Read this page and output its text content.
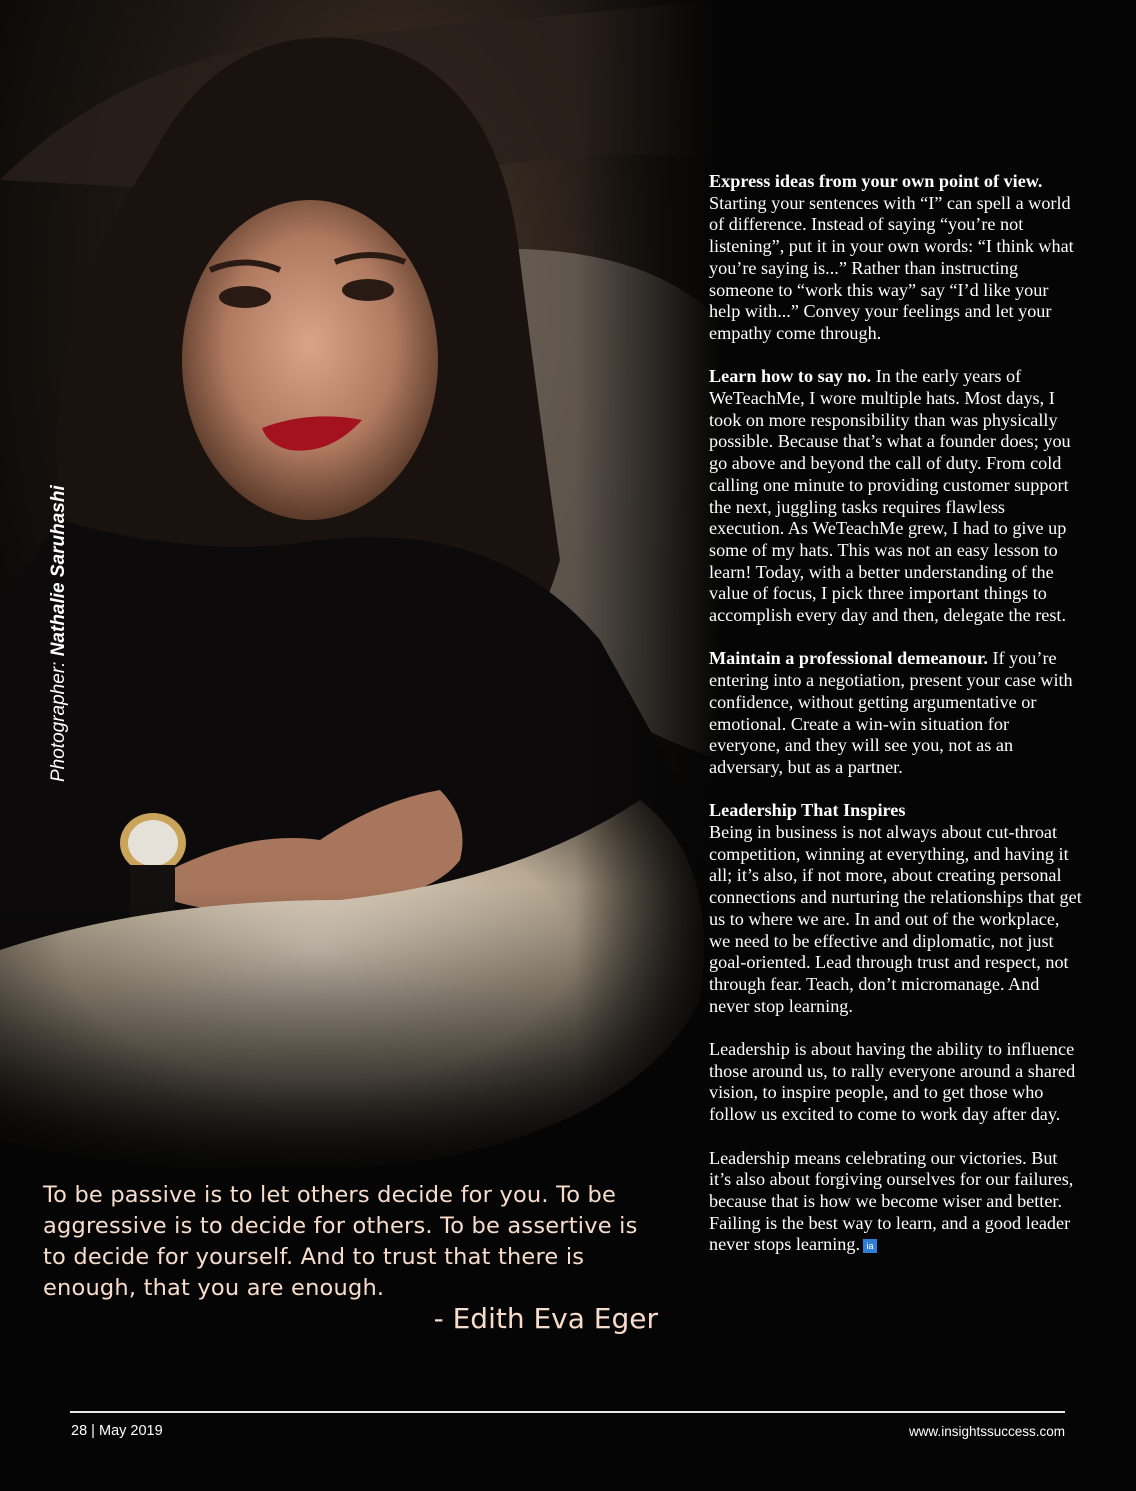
Photographer: Nathalie Saruhashi

Express ideas from your own point of view. Starting your sentences with “I” can spell a world of difference. Instead of saying “you’re not listening”, put it in your own words: “I think what you’re saying is...” Rather than instructing someone to “work this way” say “I’d like your help with...” Convey your feelings and let your empathy come through.

Learn how to say no. In the early years of WeTeachMe, I wore multiple hats. Most days, I took on more responsibility than was physically possible. Because that’s what a founder does; you go above and beyond the call of duty. From cold calling one minute to providing customer support the next, juggling tasks requires flawless execution. As WeTeachMe grew, I had to give up some of my hats. This was not an easy lesson to learn! Today, with a better understanding of the value of focus, I pick three important things to accomplish every day and then, delegate the rest.

Maintain a professional demeanour. If you’re entering into a negotiation, present your case with confidence, without getting argumentative or emotional. Create a win-win situation for everyone, and they will see you, not as an adversary, but as a partner.

Leadership That Inspires
Being in business is not always about cut-throat competition, winning at everything, and having it all; it’s also, if not more, about creating personal connections and nurturing the relationships that get us to where we are. In and out of the workplace, we need to be effective and diplomatic, not just goal-oriented. Lead through trust and respect, not through fear. Teach, don’t micromanage. And never stop learning.

Leadership is about having the ability to influence those around us, to rally everyone around a shared vision, to inspire people, and to get those who follow us excited to come to work day after day.

Leadership means celebrating our victories. But it’s also about forgiving ourselves for our failures, because that is how we become wiser and better. Failing is the best way to learn, and a good leader never stops learning. ia

To be passive is to let others decide for you. To be aggressive is to decide for others. To be assertive is to decide for yourself. And to trust that there is enough, that you are enough.
- Edith Eva Eger
28 | May 2019	www.insightssuccess.com
